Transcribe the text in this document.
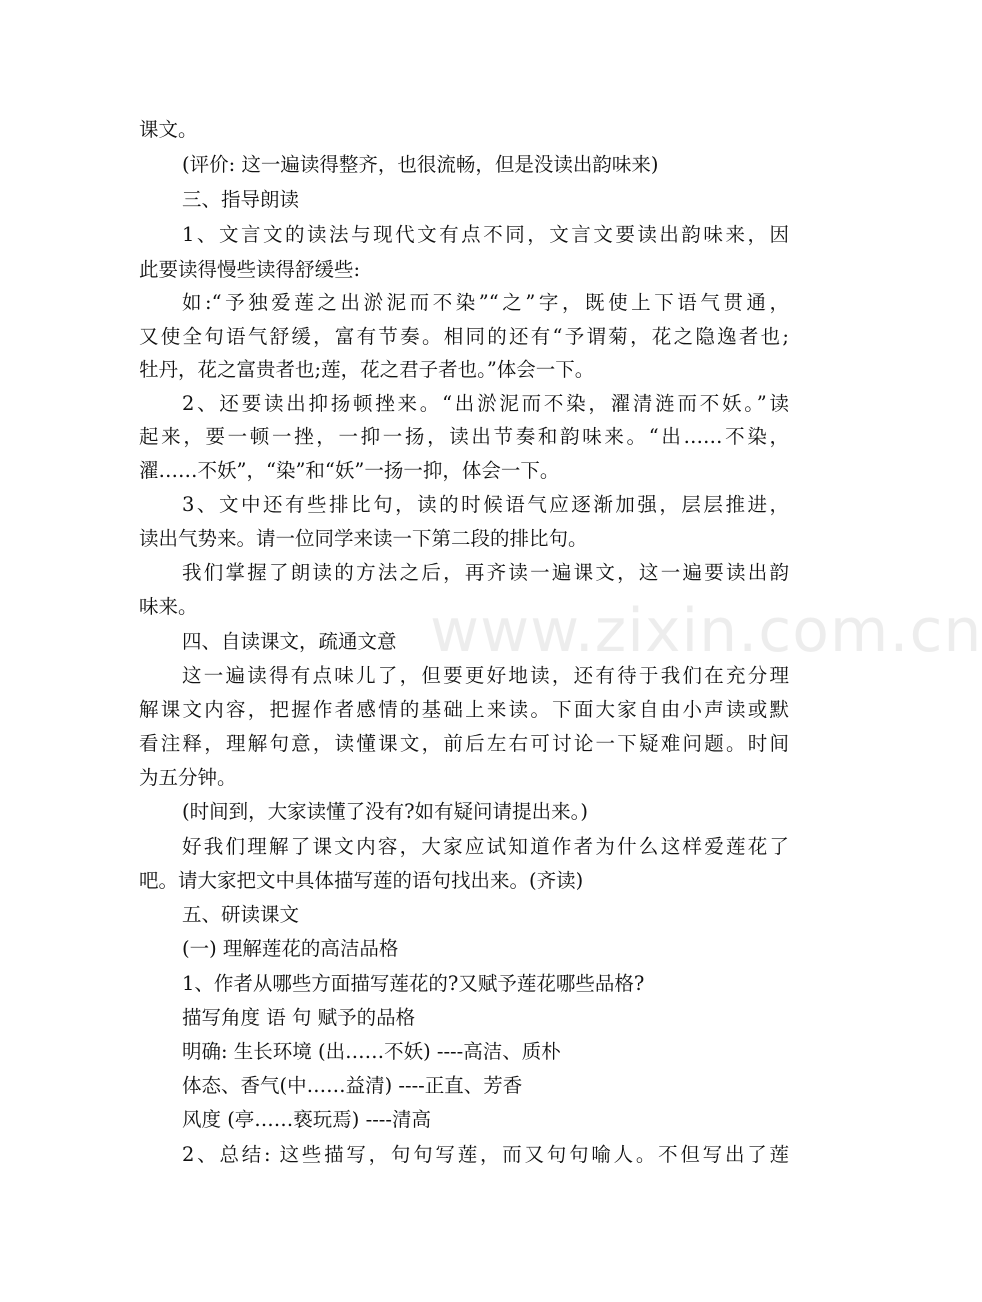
www.zixin.com.cn
课文。
(评价: 这一遍读得整齐，也很流畅，但是没读出韵味来)
三、指导朗读
1、文言文的读法与现代文有点不同，文言文要读出韵味来，因
此要读得慢些读得舒缓些:
如:“予独爱莲之出淤泥而不染”“之”字，既使上下语气贯通，
又使全句语气舒缓，富有节奏。相同的还有“予谓菊，花之隐逸者也;
牡丹，花之富贵者也;莲，花之君子者也。”体会一下。
2、还要读出抑扬顿挫来。“出淤泥而不染，濯清涟而不妖。”读
起来，要一顿一挫，一抑一扬，读出节奏和韵味来。“出……不染，
濯……不妖”，“染”和“妖”一扬一抑，体会一下。
3、文中还有些排比句，读的时候语气应逐渐加强，层层推进，
读出气势来。请一位同学来读一下第二段的排比句。
我们掌握了朗读的方法之后，再齐读一遍课文，这一遍要读出韵
味来。
四、自读课文，疏通文意
这一遍读得有点味儿了，但要更好地读，还有待于我们在充分理
解课文内容，把握作者感情的基础上来读。下面大家自由小声读或默
看注释，理解句意，读懂课文，前后左右可讨论一下疑难问题。时间
为五分钟。
(时间到，大家读懂了没有?如有疑问请提出来。)
好我们理解了课文内容，大家应试知道作者为什么这样爱莲花了
吧。请大家把文中具体描写莲的语句找出来。(齐读)
五、研读课文
(一) 理解莲花的高洁品格
1、作者从哪些方面描写莲花的?又赋予莲花哪些品格?
描写角度 语 句 赋予的品格
明确: 生长环境 (出……不妖) ----高洁、质朴
体态、香气(中……益清) ----正直、芳香
风度 (亭……亵玩焉) ----清高
2、总结: 这些描写，句句写莲，而又句句喻人。不但写出了莲
